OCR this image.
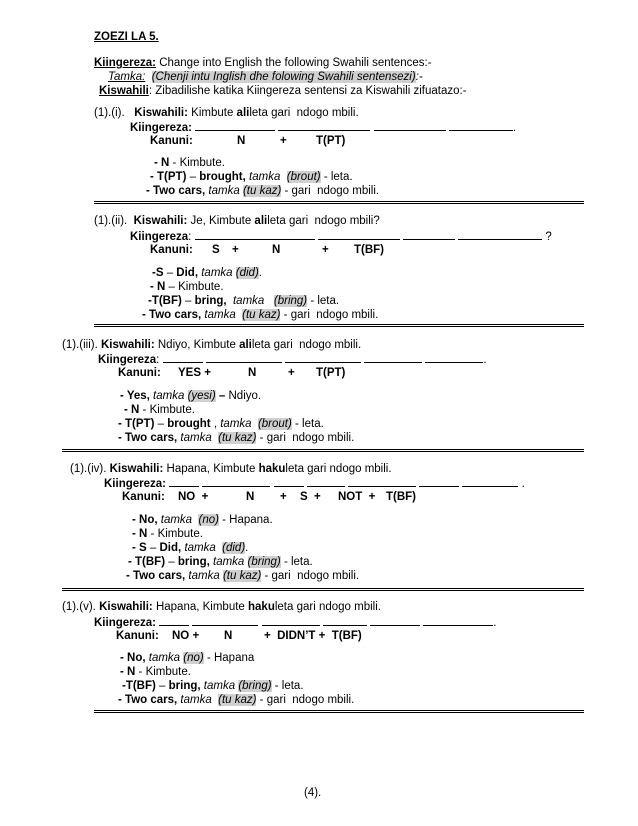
ZOEZI LA 5.
Kiingereza: Change into English the following Swahili sentences:-
Tamka: (Chenji intu Inglish dhe folowing Swahili sentensezi):-
Kiswahili: Zibadilishe katika Kiingereza sentensi za Kiswahili zifuatazo:-
(1).(i). Kiswahili: Kimbute alileta gari  ndogo mbili.
Kiingereza:	.
Kanuni:	N	+	T(PT)
- N - Kimbute.
- T(PT) – brought, tamka (brout) - leta.
- Two cars, tamka (tu kaz) - gari  ndogo mbili.
(1).(ii). Kiswahili: Je, Kimbute alileta gari  ndogo mbili?
Kiingereza:	?
Kanuni: S +	N	+ T(BF)
-S – Did, tamka (did).
- N – Kimbute.
-T(BF) – bring, tamka (bring) - leta.
- Two cars, tamka (tu kaz) - gari  ndogo mbili.
(1).(iii). Kiswahili: Ndiyo, Kimbute alileta gari  ndogo mbili.
Kiingereza:	.
Kanuni: YES +	N	+ T(PT)
- Yes, tamka (yesi) – Ndiyo.
- N - Kimbute.
- T(PT) – brought , tamka (brout) - leta.
- Two cars, tamka (tu kaz) - gari  ndogo mbili.
(1).(iv). Kiswahili: Hapana, Kimbute hakuleta gari ndogo mbili.
Kiingereza:	.
Kanuni: NO  +	N + S  + NOT  + T(BF)
- No, tamka (no) - Hapana.
- N - Kimbute.
- S – Did, tamka (did).
- T(BF) – bring, tamka (bring) - leta.
- Two cars, tamka (tu kaz) - gari  ndogo mbili.
(1).(v). Kiswahili: Hapana, Kimbute hakuleta gari ndogo mbili.
Kiingereza:	.
Kanuni: NO + N	+  DIDN’T +  T(BF)
- No, tamka (no) - Hapana
- N - Kimbute.
-T(BF) – bring, tamka (bring) - leta.
- Two cars, tamka (tu kaz) - gari  ndogo mbili.
(4).
